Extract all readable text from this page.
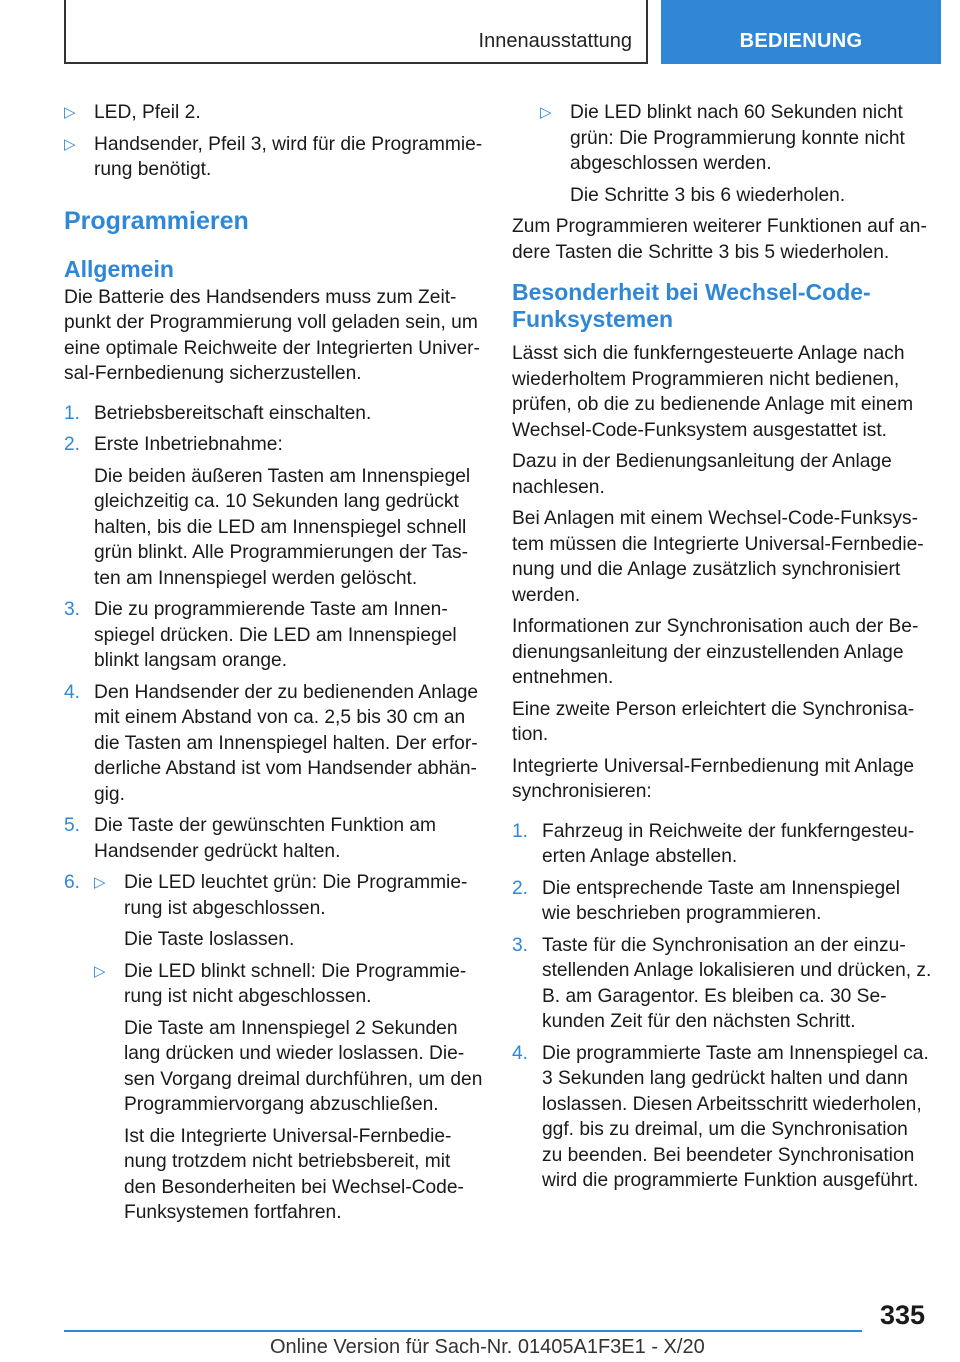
Innenausstattung	BEDIENUNG
▷ LED, Pfeil 2.
▷ Handsender, Pfeil 3, wird für die Programmierung benötigt.
Programmieren
Allgemein

Die Batterie des Handsenders muss zum Zeitpunkt der Programmierung voll geladen sein, um eine optimale Reichweite der Integrierten Universal-Fernbedienung sicherzustellen.

1. Betriebsbereitschaft einschalten.
2. Erste Inbetriebnahme:
Die beiden äußeren Tasten am Innenspiegel gleichzeitig ca. 10 Sekunden lang gedrückt halten, bis die LED am Innenspiegel schnell grün blinkt. Alle Programmierungen der Tasten am Innenspiegel werden gelöscht.
3. Die zu programmierende Taste am Innenspiegel drücken. Die LED am Innenspiegel blinkt langsam orange.
4. Den Handsender der zu bedienenden Anlage mit einem Abstand von ca. 2,5 bis 30 cm an die Tasten am Innenspiegel halten. Der erforderliche Abstand ist vom Handsender abhängig.
5. Die Taste der gewünschten Funktion am Handsender gedrückt halten.
6. ▷ Die LED leuchtet grün: Die Programmierung ist abgeschlossen.
Die Taste loslassen.
▷ Die LED blinkt schnell: Die Programmierung ist nicht abgeschlossen.
Die Taste am Innenspiegel 2 Sekunden lang drücken und wieder loslassen. Diesen Vorgang dreimal durchführen, um den Programmiervorgang abzuschließen.
Ist die Integrierte Universal-Fernbedienung trotzdem nicht betriebsbereit, mit den Besonderheiten bei Wechsel-Code-Funksystemen fortfahren.
▷ Die LED blinkt nach 60 Sekunden nicht grün: Die Programmierung konnte nicht abgeschlossen werden.
Die Schritte 3 bis 6 wiederholen.

Zum Programmieren weiterer Funktionen auf andere Tasten die Schritte 3 bis 5 wiederholen.

Besonderheit bei Wechsel-Code-Funksystemen

Lässt sich die funkferngesteuerte Anlage nach wiederholtem Programmieren nicht bedienen, prüfen, ob die zu bedienende Anlage mit einem Wechsel-Code-Funksystem ausgestattet ist.

Dazu in der Bedienungsanleitung der Anlage nachlesen.

Bei Anlagen mit einem Wechsel-Code-Funksystem müssen die Integrierte Universal-Fernbedienung und die Anlage zusätzlich synchronisiert werden.

Informationen zur Synchronisation auch der Bedienungsanleitung der einzustellenden Anlage entnehmen.

Eine zweite Person erleichtert die Synchronisation.

Integrierte Universal-Fernbedienung mit Anlage synchronisieren:

1. Fahrzeug in Reichweite der funkferngesteuerten Anlage abstellen.
2. Die entsprechende Taste am Innenspiegel wie beschrieben programmieren.
3. Taste für die Synchronisation an der einzustellenden Anlage lokalisieren und drücken, z. B. am Garagentor. Es bleiben ca. 30 Sekunden Zeit für den nächsten Schritt.
4. Die programmierte Taste am Innenspiegel ca. 3 Sekunden lang gedrückt halten und dann loslassen. Diesen Arbeitsschritt wiederholen, ggf. bis zu dreimal, um die Synchronisation zu beenden. Bei beendeter Synchronisation wird die programmierte Funktion ausgeführt.
335
Online Version für Sach-Nr. 01405A1F3E1 - X/20
